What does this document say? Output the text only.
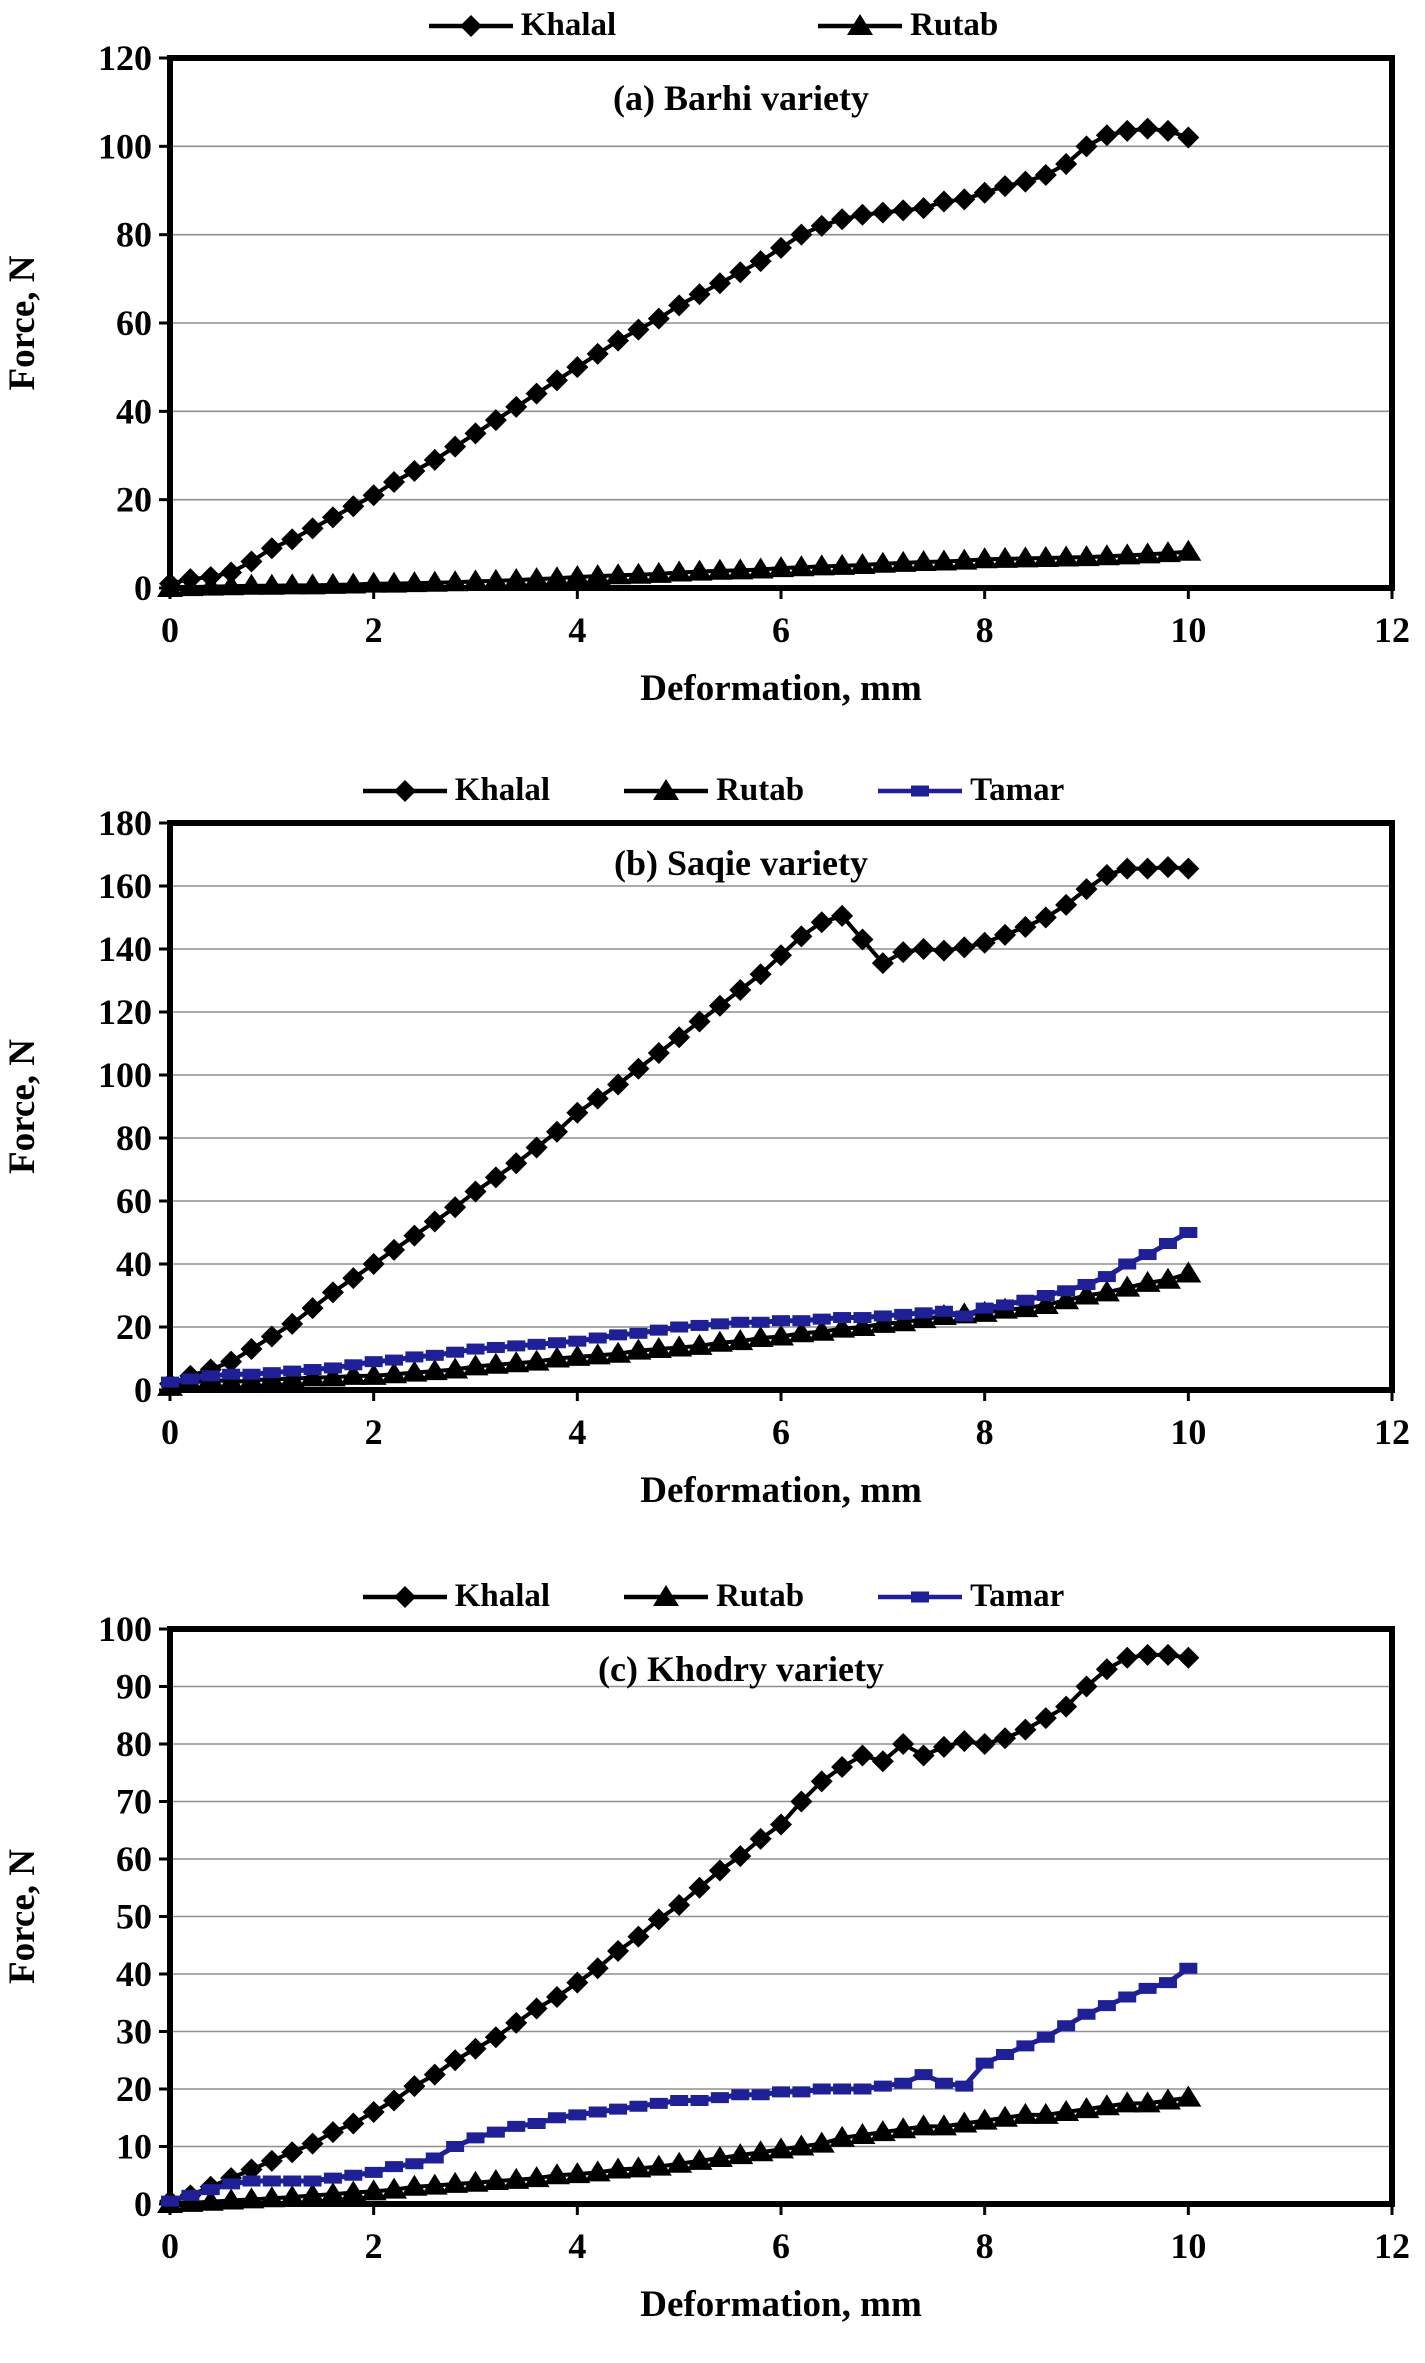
Khalal	Rutab
0
20
40
60
80
100
120
0	2	4	6	8	10	12
(a) Barhi variety
Deformation, mm
Force, N
Khalal	Rutab	Tamar
0
20
40
60
80
100
120
140
160
180
0	2	4	6	8	10	12
(b) Saqie variety
Deformation, mm
Force, N
Khalal	Rutab	Tamar
0
10
20
30
40
50
60
70
80
90
100
0	2	4	6	8	10	12
(c) Khodry variety
Deformation, mm
Force, N
